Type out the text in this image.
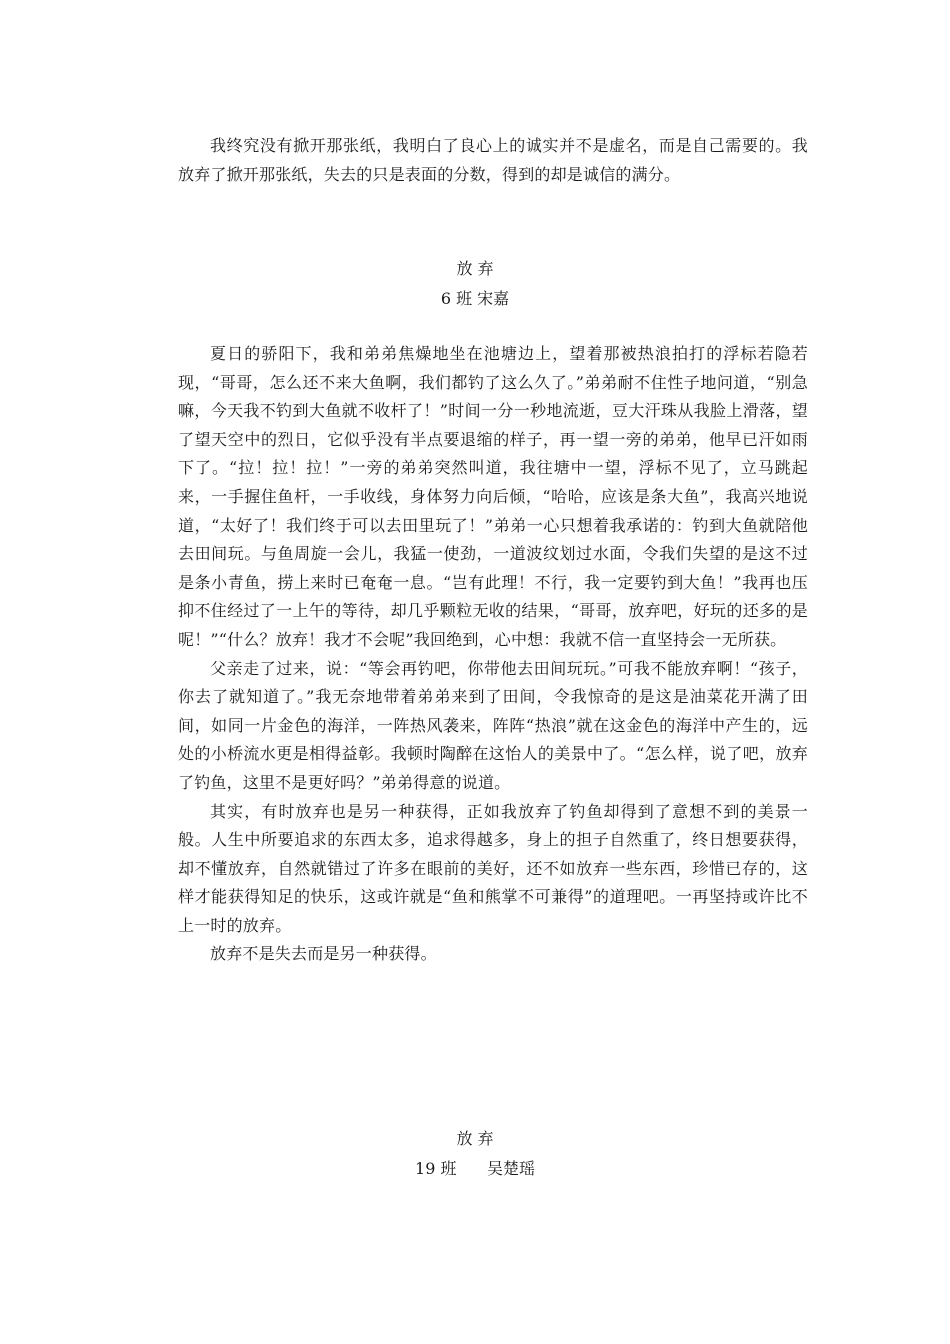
我终究没有掀开那张纸，我明白了良心上的诚实并不是虚名，而是自己需要的。我放弃了掀开那张纸，失去的只是表面的分数，得到的却是诚信的满分。

放 弃
6 班 宋嘉

夏日的骄阳下，我和弟弟焦燥地坐在池塘边上，望着那被热浪拍打的浮标若隐若现，“哥哥，怎么还不来大鱼啊，我们都钓了这么久了。”弟弟耐不住性子地问道，“别急嘛，今天我不钓到大鱼就不收杆了！”时间一分一秒地流逝，豆大汗珠从我脸上滑落，望了望天空中的烈日，它似乎没有半点要退缩的样子，再一望一旁的弟弟，他早已汗如雨下了。“拉！拉！拉！”一旁的弟弟突然叫道，我往塘中一望，浮标不见了，立马跳起来，一手握住鱼杆，一手收线，身体努力向后倾，“哈哈，应该是条大鱼”，我高兴地说道，“太好了！我们终于可以去田里玩了！”弟弟一心只想着我承诺的：钓到大鱼就陪他去田间玩。与鱼周旋一会儿，我猛一使劲，一道波纹划过水面，令我们失望的是这不过是条小青鱼，捞上来时已奄奄一息。“岂有此理！不行，我一定要钓到大鱼！”我再也压抑不住经过了一上午的等待，却几乎颗粒无收的结果，“哥哥，放弃吧，好玩的还多的是呢！”“什么？放弃！我才不会呢”我回绝到，心中想：我就不信一直坚持会一无所获。

父亲走了过来，说：“等会再钓吧，你带他去田间玩玩。”可我不能放弃啊！“孩子，你去了就知道了。”我无奈地带着弟弟来到了田间，令我惊奇的是这是油菜花开满了田间，如同一片金色的海洋，一阵热风袭来，阵阵“热浪”就在这金色的海洋中产生的，远处的小桥流水更是相得益彰。我顿时陶醉在这怡人的美景中了。“怎么样，说了吧，放弃了钓鱼，这里不是更好吗？”弟弟得意的说道。

其实，有时放弃也是另一种获得，正如我放弃了钓鱼却得到了意想不到的美景一般。人生中所要追求的东西太多，追求得越多，身上的担子自然重了，终日想要获得，却不懂放弃，自然就错过了许多在眼前的美好，还不如放弃一些东西，珍惜已存的，这样才能获得知足的快乐，这或许就是“鱼和熊掌不可兼得”的道理吧。一再坚持或许比不上一时的放弃。

放弃不是失去而是另一种获得。

放 弃
19 班      吴楚瑶
